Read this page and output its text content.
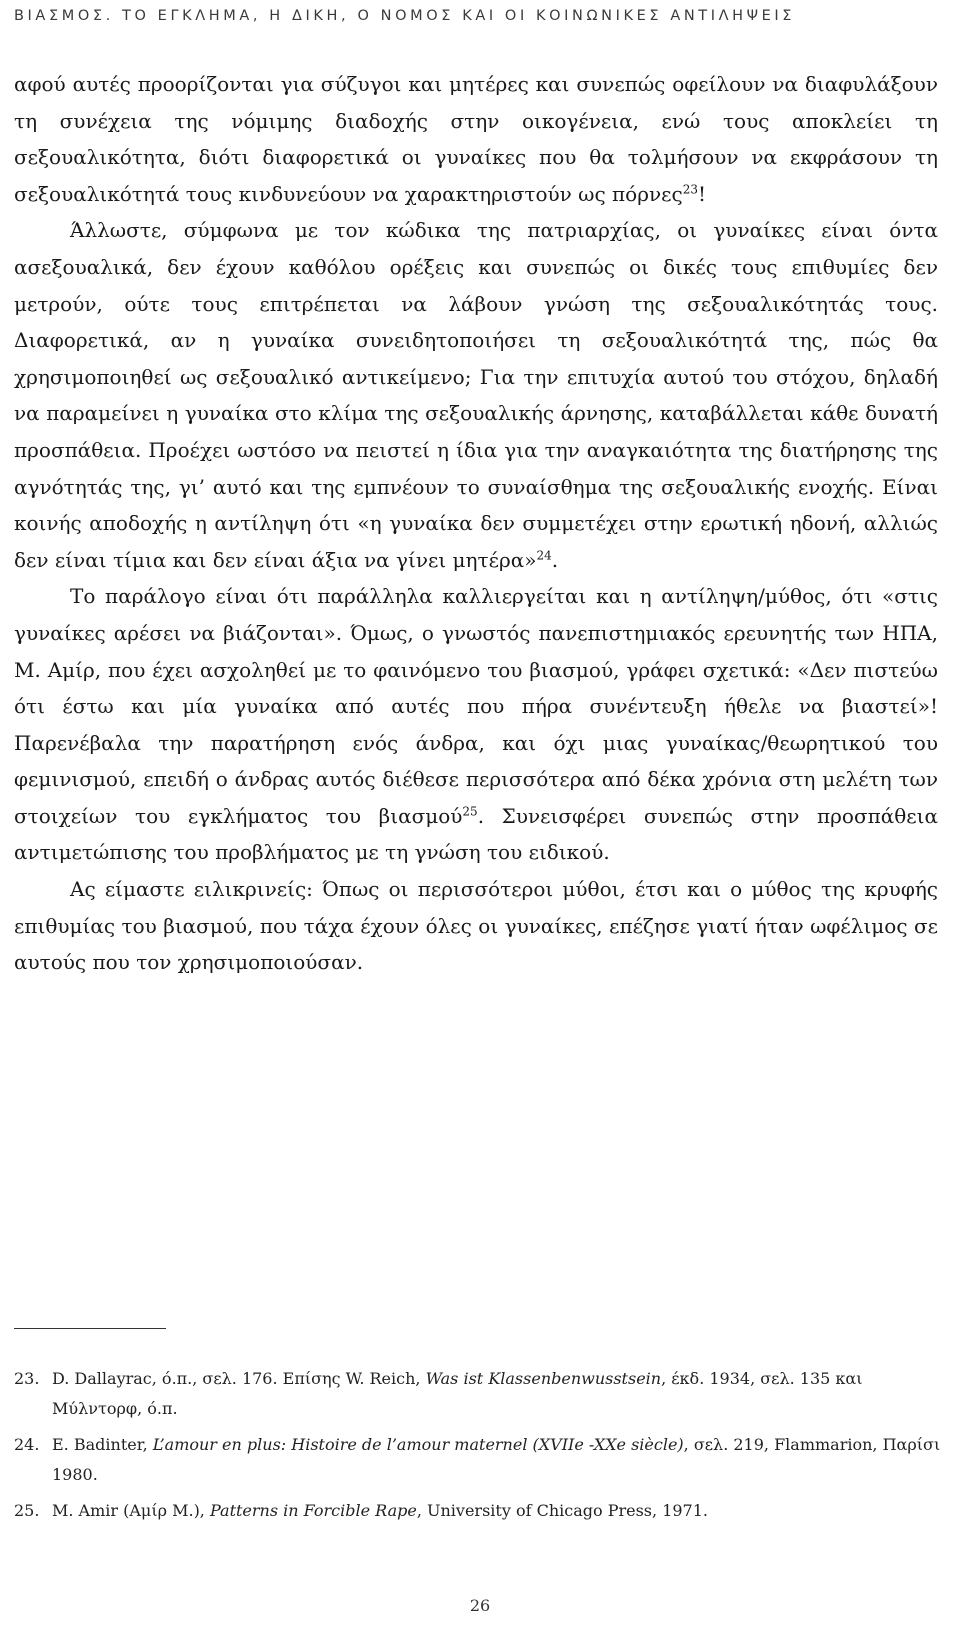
ΒΙΑΣΜΟΣ. ΤΟ ΕΓΚΛΗΜΑ, Η ΔΙΚΗ, Ο ΝΟΜΟΣ ΚΑΙ ΟΙ ΚΟΙΝΩΝΙΚΕΣ ΑΝΤΙΛΗΨΕΙΣ

αφού αυτές προορίζονται για σύζυγοι και μητέρες και συνεπώς οφείλουν να διαφυλάξουν τη συνέχεια της νόμιμης διαδοχής στην οικογένεια, ενώ τους αποκλείει τη σεξουαλικότητα, διότι διαφορετικά οι γυναίκες που θα τολμήσουν να εκφράσουν τη σεξουαλικότητά τους κινδυνεύουν να χαρακτηριστούν ως πόρνες$^{23}$!

Άλλωστε, σύμφωνα με τον κώδικα της πατριαρχίας, οι γυναίκες είναι όντα ασεξουαλικά, δεν έχουν καθόλου ορέξεις και συνεπώς οι δικές τους επιθυμίες δεν μετρούν, ούτε τους επιτρέπεται να λάβουν γνώση της σεξουαλικότητάς τους. Διαφορετικά, αν η γυναίκα συνειδητοποιήσει τη σεξουαλικότητά της, πώς θα χρησιμοποιηθεί ως σεξουαλικό αντικείμενο; Για την επιτυχία αυτού του στόχου, δηλαδή να παραμείνει η γυναίκα στο κλίμα της σεξουαλικής άρνησης, καταβάλλεται κάθε δυνατή προσπάθεια. Προέχει ωστόσο να πειστεί η ίδια για την αναγκαιότητα της διατήρησης της αγνότητάς της, γι’ αυτό και της εμπνέουν το συναίσθημα της σεξουαλικής ενοχής. Είναι κοινής αποδοχής η αντίληψη ότι «η γυναίκα δεν συμμετέχει στην ερωτική ηδονή, αλλιώς δεν είναι τίμια και δεν είναι άξια να γίνει μητέρα»$^{24}$.

Το παράλογο είναι ότι παράλληλα καλλιεργείται και η αντίληψη/μύθος, ότι «στις γυναίκες αρέσει να βιάζονται». Όμως, ο γνωστός πανεπιστημιακός ερευνητής των ΗΠΑ, Μ. Αμίρ, που έχει ασχοληθεί με το φαινόμενο του βιασμού, γράφει σχετικά: «Δεν πιστεύω ότι έστω και μία γυναίκα από αυτές που πήρα συνέντευξη ήθελε να βιαστεί»! Παρενέβαλα την παρατήρηση ενός άνδρα, και όχι μιας γυναίκας/θεωρητικού του φεμινισμού, επειδή ο άνδρας αυτός διέθεσε περισσότερα από δέκα χρόνια στη μελέτη των στοιχείων του εγκλήματος του βιασμού$^{25}$. Συνεισφέρει συνεπώς στην προσπάθεια αντιμετώπισης του προβλήματος με τη γνώση του ειδικού.

Ας είμαστε ειλικρινείς: Όπως οι περισσότεροι μύθοι, έτσι και ο μύθος της κρυφής επιθυμίας του βιασμού, που τάχα έχουν όλες οι γυναίκες, επέζησε γιατί ήταν ωφέλιμος σε αυτούς που τον χρησιμοποιούσαν.

23. D. Dallayrac, ό.π., σελ. 176. Επίσης W. Reich, Was ist Klassenbenwusstsein, έκδ. 1934, σελ. 135 και Μύλντορφ, ό.π.
24. E. Badinter, L’amour en plus: Histoire de l’amour maternel (XVIIe -XXe siècle), σελ. 219, Flammarion, Παρίσι 1980.
25. M. Amir (Αμίρ Μ.), Patterns in Forcible Rape, University of Chicago Press, 1971.
26
